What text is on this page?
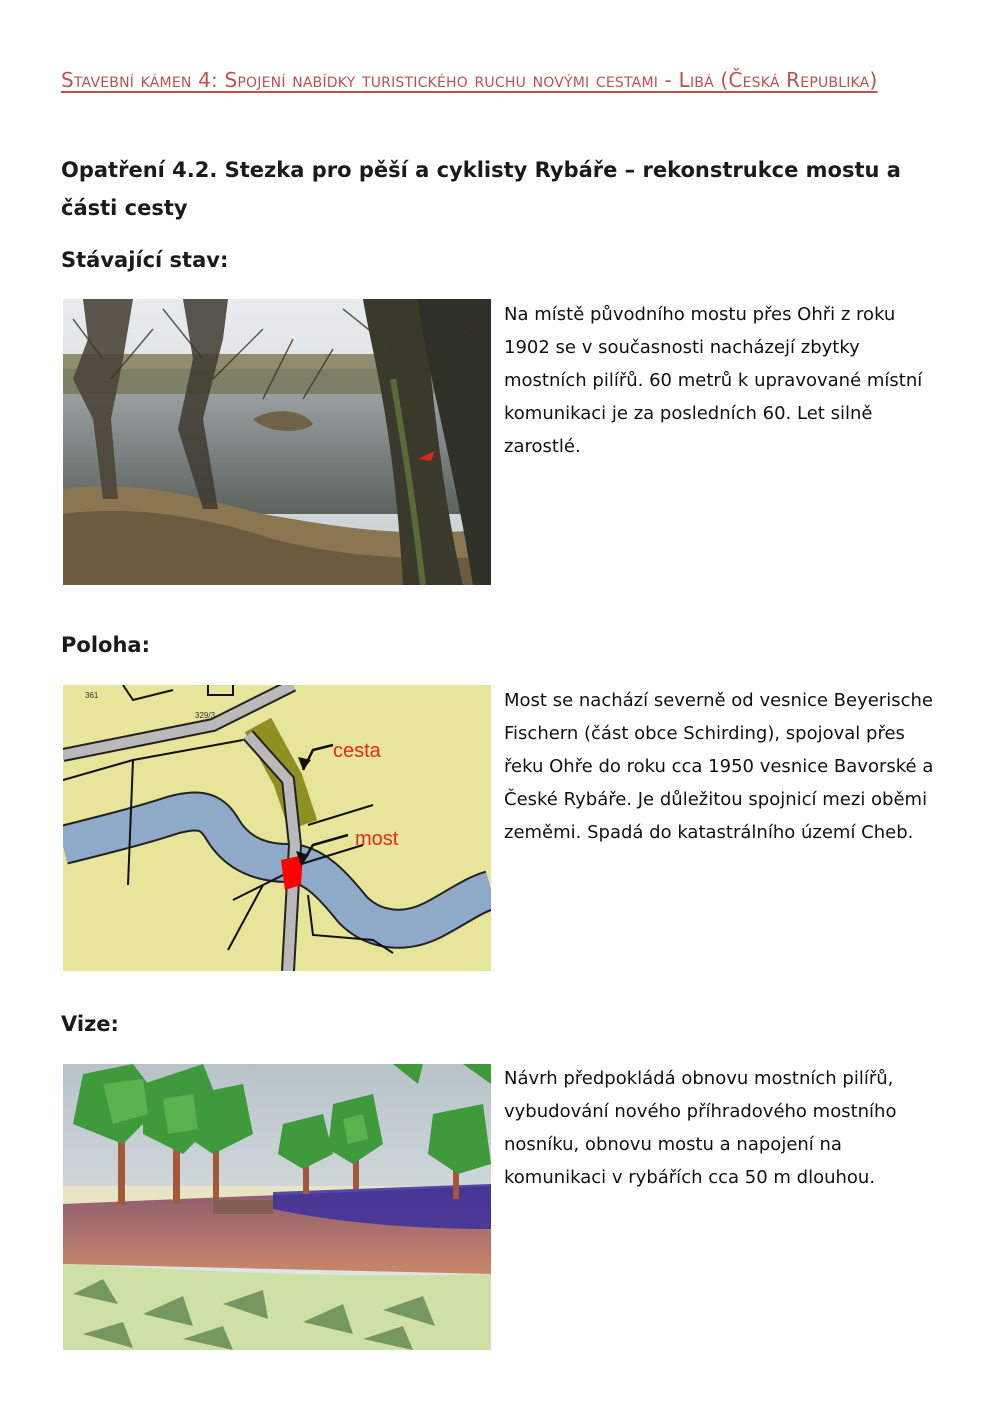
Stavební kámen 4: Spojení nabídky turistického ruchu novými cestami - Libá (Česká Republika)
Opatření 4.2. Stezka pro pěší a cyklisty Rybáře – rekonstrukce mostu a části cesty
Stávající stav:
Na místě původního mostu přes Ohři z roku 1902 se v současnosti nacházejí zbytky mostních pilířů. 60 metrů k upravované místní komunikaci je za posledních 60. Let silně zarostlé.
Poloha:
cesta
most
361
329/3
Most se nachází severně od vesnice Beyerische Fischern (část obce Schirding), spojoval přes řeku Ohře do roku cca 1950 vesnice Bavorské a České Rybáře. Je důležitou spojnicí mezi oběmi zeměmi. Spadá do katastrálního území Cheb.
Vize:
Návrh předpokládá obnovu mostních pilířů, vybudování nového příhradového mostního nosníku, obnovu mostu a napojení na komunikaci v rybářích cca 50 m dlouhou.
